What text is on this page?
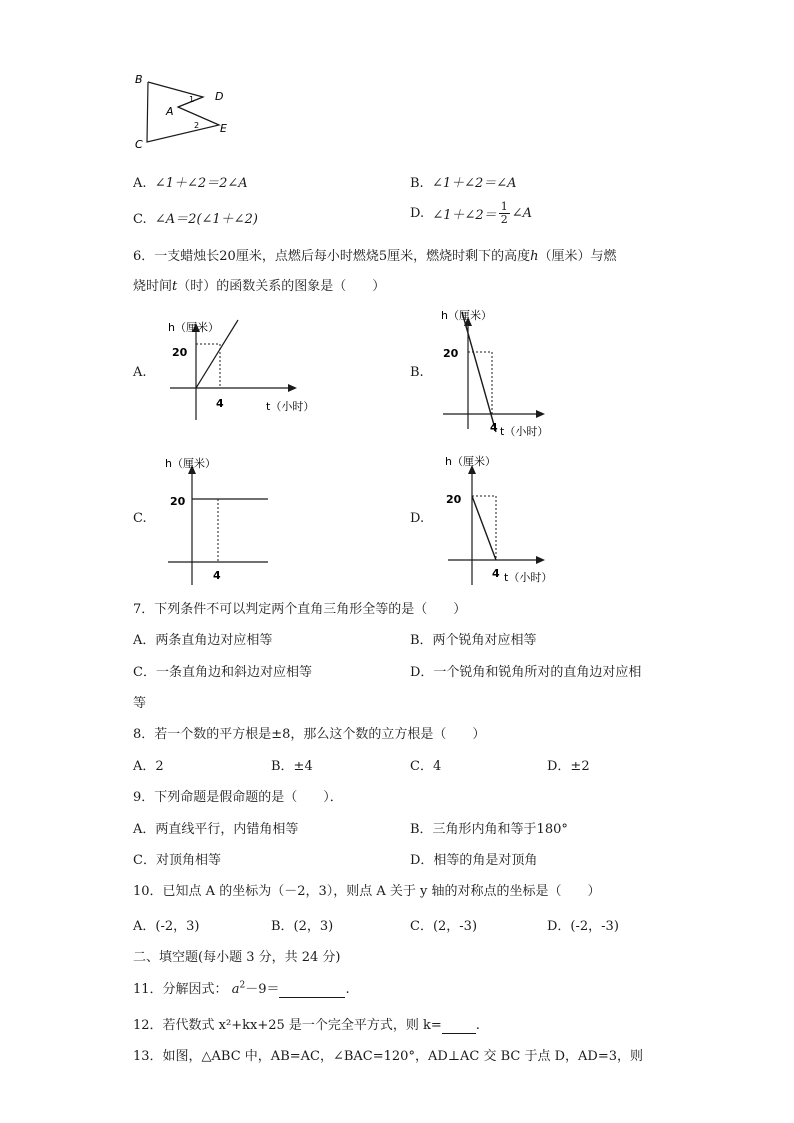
B
A
C
D
E
1
2
A. ∠1＋∠2＝2∠A	B. ∠1＋∠2＝∠A
C. ∠A＝2(∠1＋∠2)	D. ∠1＋∠2＝ $\frac{1}{2}$ ∠A
6．一支蜡烛长20厘米，点燃后每小时燃烧5厘米，燃烧时剩下的高度h（厘米）与燃
烧时间t（时）的函数关系的图象是（　　）
A.
h（厘米）
20
4	t（小时）
B.
h（厘米）
20
4 t（小时）
C.
h（厘米）
20
4
D.
h（厘米）
20
4 t（小时）
7．下列条件不可以判定两个直角三角形全等的是（　　）
A．两条直角边对应相等	B．两个锐角对应相等
C．一条直角边和斜边对应相等	D．一个锐角和锐角所对的直角边对应相
等
8．若一个数的平方根是±8，那么这个数的立方根是（　　）
A．2	B．±4	C．4	D．±2
9．下列命题是假命题的是（　　）．
A．两直线平行，内错角相等	B．三角形内角和等于180°
C．对顶角相等	D．相等的角是对顶角
10．已知点 A 的坐标为（－2，3），则点 A 关于 y 轴的对称点的坐标是（　　）
A．(-2，3)	B．(2，3)	C．(2，-3)	D．(-2，-3)
二、填空题(每小题 3 分，共 24 分)
11．分解因式： $a^2-9=$	.
12．若代数式 x²+kx+25 是一个完全平方式，则 k=	.
13．如图，△ABC 中，AB=AC，∠BAC=120°，AD⊥AC 交 BC 于点 D，AD=3，则
